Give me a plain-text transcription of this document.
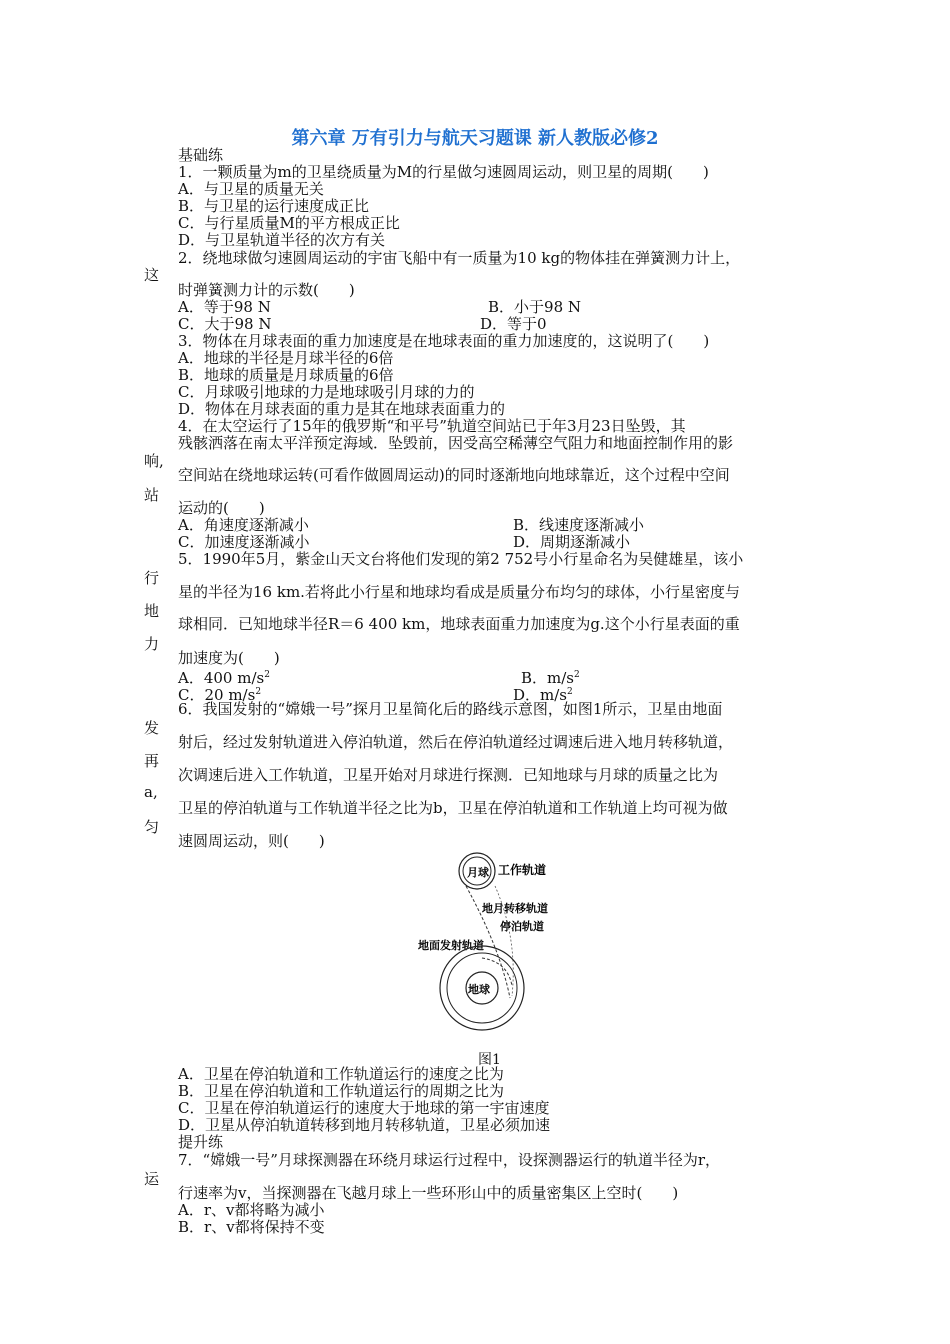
第六章 万有引力与航天习题课 新人教版必修2
基础练
1．一颗质量为m的卫星绕质量为M的行星做匀速圆周运动，则卫星的周期(　　)
A．与卫星的质量无关
B．与卫星的运行速度成正比
C．与行星质量M的平方根成正比
D．与卫星轨道半径的次方有关
2．绕地球做匀速圆周运动的宇宙飞船中有一质量为10 kg的物体挂在弹簧测力计上，
这
时弹簧测力计的示数(　　)
A．等于98 N	B．小于98 N
C．大于98 N	D．等于0
3．物体在月球表面的重力加速度是在地球表面的重力加速度的，这说明了(　　)
A．地球的半径是月球半径的6倍
B．地球的质量是月球质量的6倍
C．月球吸引地球的力是地球吸引月球的力的
D．物体在月球表面的重力是其在地球表面重力的
4．在太空运行了15年的俄罗斯“和平号”轨道空间站已于年3月23日坠毁，其
残骸洒落在南太平洋预定海域．坠毁前，因受高空稀薄空气阻力和地面控制作用的影
响,
空间站在绕地球运转(可看作做圆周运动)的同时逐渐地向地球靠近，这个过程中空间
站
运动的(　　)
A．角速度逐渐减小	B．线速度逐渐减小
C．加速度逐渐减小	D．周期逐渐减小
5．1990年5月，紫金山天文台将他们发现的第2 752号小行星命名为吴健雄星，该小
行
星的半径为16 km.若将此小行星和地球均看成是质量分布均匀的球体，小行星密度与
地
球相同．已知地球半径R＝6 400 km，地球表面重力加速度为g.这个小行星表面的重
力
加速度为(　　)
A．400 $m/s^2$	B．$m/s^2$
C．20 $m/s^2$	D．$m/s^2$
6．我国发射的“嫦娥一号”探月卫星简化后的路线示意图，如图1所示，卫星由地面
发
射后，经过发射轨道进入停泊轨道，然后在停泊轨道经过调速后进入地月转移轨道，
再
次调速后进入工作轨道，卫星开始对月球进行探测．已知地球与月球的质量之比为
a,
卫星的停泊轨道与工作轨道半径之比为b，卫星在停泊轨道和工作轨道上均可视为做
匀
速圆周运动，则(　　)
月球 工作轨道
地月转移轨道
停泊轨道
地面发射轨道
地球
图1
A．卫星在停泊轨道和工作轨道运行的速度之比为
B．卫星在停泊轨道和工作轨道运行的周期之比为
C．卫星在停泊轨道运行的速度大于地球的第一宇宙速度
D．卫星从停泊轨道转移到地月转移轨道，卫星必须加速
提升练
7．“嫦娥一号”月球探测器在环绕月球运行过程中，设探测器运行的轨道半径为r，
运
行速率为v，当探测器在飞越月球上一些环形山中的质量密集区上空时(　　)
A．r、v都将略为减小
B．r、v都将保持不变
